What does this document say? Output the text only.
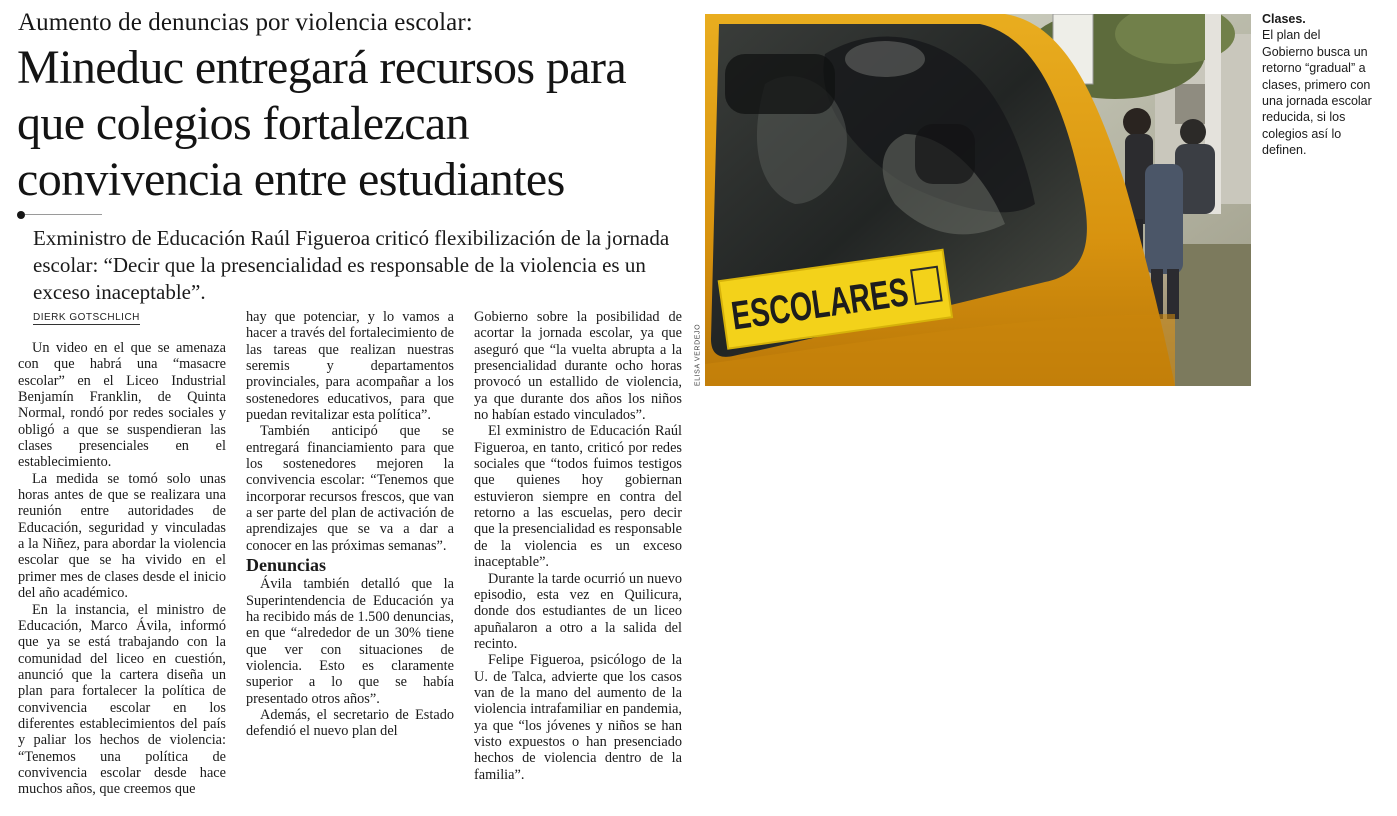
Aumento de denuncias por violencia escolar:
Mineduc entregará recursos para que colegios fortalezcan convivencia entre estudiantes

Exministro de Educación Raúl Figueroa criticó flexibilización de la jornada escolar: “Decir que la presencialidad es responsable de la violencia es un exceso inaceptable”.

DIERK GOTSCHLICH

Un video en el que se amenaza con que habrá una “masacre escolar” en el Liceo Industrial Benjamín Franklin, de Quinta Normal, rondó por redes sociales y obligó a que se suspendieran las clases presenciales en el establecimiento.

La medida se tomó solo unas horas antes de que se realizara una reunión entre autoridades de Educación, seguridad y vinculadas a la Niñez, para abordar la violencia escolar que se ha vivido en el primer mes de clases desde el inicio del año académico.

En la instancia, el ministro de Educación, Marco Ávila, informó que ya se está trabajando con la comunidad del liceo en cuestión, anunció que la cartera diseña un plan para fortalecer la política de convivencia escolar en los diferentes establecimientos del país y paliar los hechos de violencia: “Tenemos una política de convivencia escolar desde hace muchos años, que creemos que

hay que potenciar, y lo vamos a hacer a través del fortalecimiento de las tareas que realizan nuestras seremis y departamentos provinciales, para acompañar a los sostenedores educativos, para que puedan revitalizar esta política”.

También anticipó que se entregará financiamiento para que los sostenedores mejoren la convivencia escolar: “Tenemos que incorporar recursos frescos, que van a ser parte del plan de activación de aprendizajes que se va a dar a conocer en las próximas semanas”.

Denuncias

Ávila también detalló que la Superintendencia de Educación ya ha recibido más de 1.500 denuncias, en que “alrededor de un 30% tiene que ver con situaciones de violencia. Esto es claramente superior a lo que se había presentado otros años”.

Además, el secretario de Estado defendió el nuevo plan del

Gobierno sobre la posibilidad de acortar la jornada escolar, ya que aseguró que “la vuelta abrupta a la presencialidad durante ocho horas provocó un estallido de violencia, ya que durante dos años los niños no habían estado vinculados”.

El exministro de Educación Raúl Figueroa, en tanto, criticó por redes sociales que “todos fuimos testigos que quienes hoy gobiernan estuvieron siempre en contra del retorno a las escuelas, pero decir que la presencialidad es responsable de la violencia es un exceso inaceptable”.

Durante la tarde ocurrió un nuevo episodio, esta vez en Quilicura, donde dos estudiantes de un liceo apuñalaron a otro a la salida del recinto.

Felipe Figueroa, psicólogo de la U. de Talca, advierte que los casos van de la mano del aumento de la violencia intrafamiliar en pandemia, ya que “los jóvenes y niños se han visto expuestos o han presenciado hechos de violencia dentro de la familia”.

ELISA VERDEJO
ESCOLARES
Clases.
El plan del Gobierno busca un retorno “gradual” a clases, primero con una jornada escolar reducida, si los colegios así lo definen.
